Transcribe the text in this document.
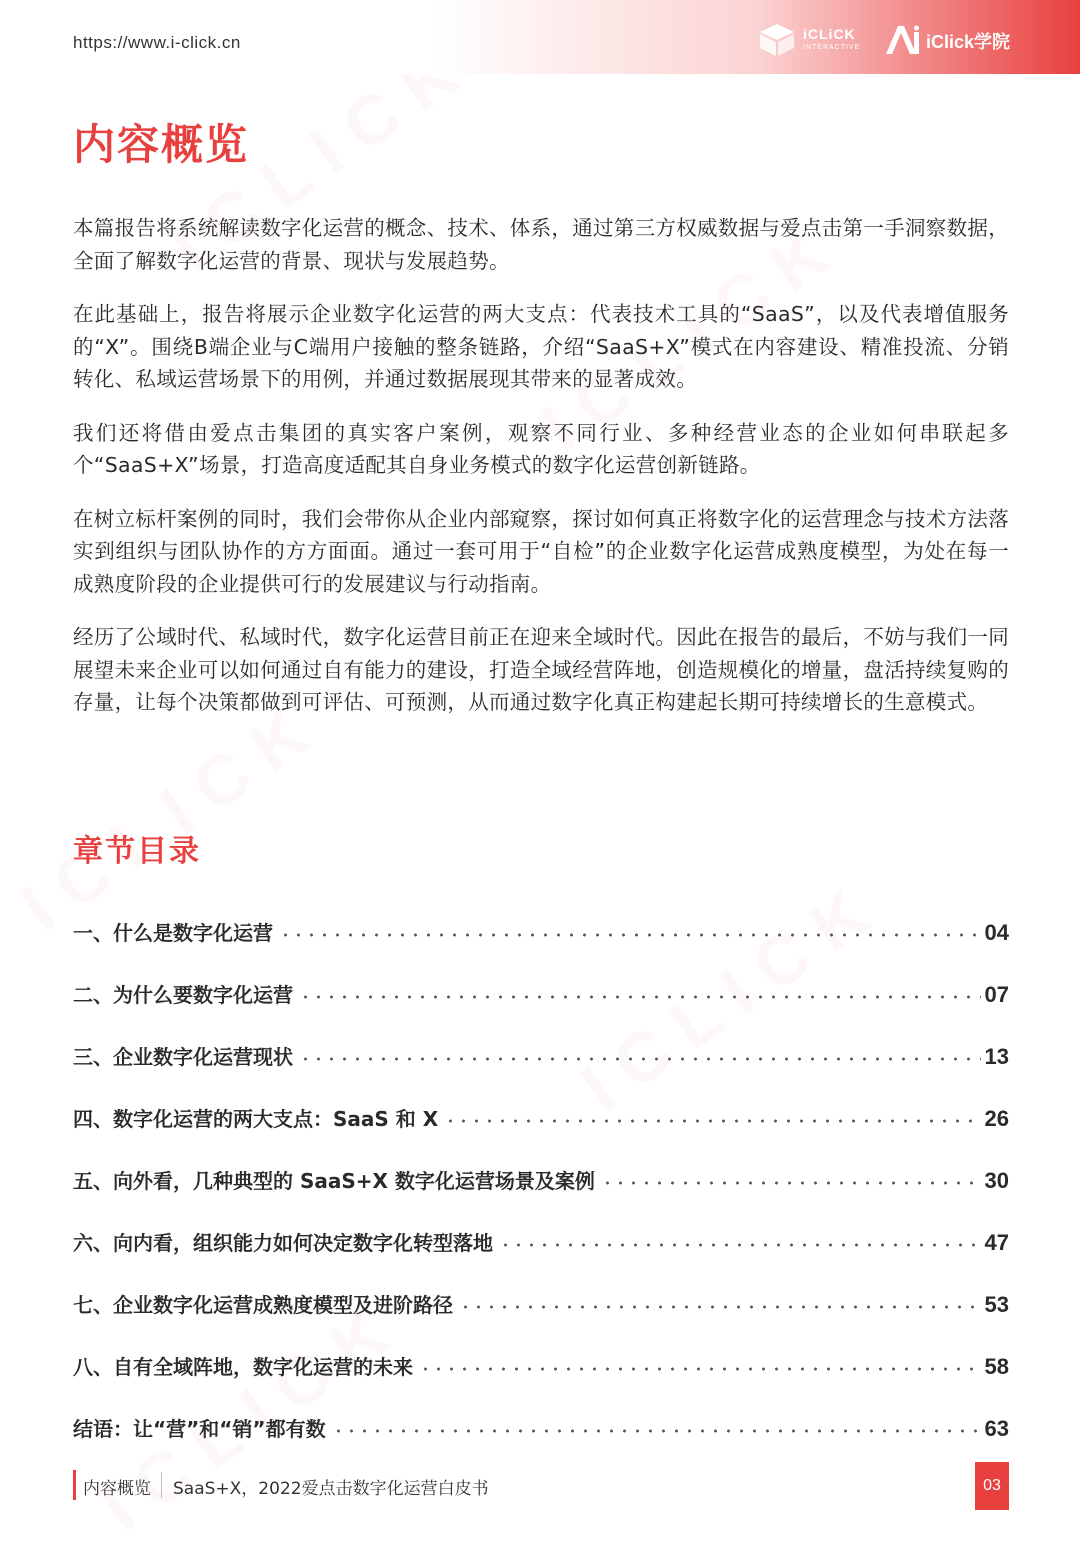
https://www.i-click.cn	iCLiCK
INTERACTIVE	iClick学院
内容概览

本篇报告将系统解读数字化运营的概念、技术、体系，通过第三方权威数据与爱点击第一手洞察数据，全面了解数字化运营的背景、现状与发展趋势。

在此基础上，报告将展示企业数字化运营的两大支点：代表技术工具的“SaaS”，以及代表增值服务的“X”。围绕B端企业与C端用户接触的整条链路，介绍“SaaS+X”模式在内容建设、精准投流、分销转化、私域运营场景下的用例，并通过数据展现其带来的显著成效。

我们还将借由爱点击集团的真实客户案例，观察不同行业、多种经营业态的企业如何串联起多个“SaaS+X”场景，打造高度适配其自身业务模式的数字化运营创新链路。

在树立标杆案例的同时，我们会带你从企业内部窥察，探讨如何真正将数字化的运营理念与技术方法落实到组织与团队协作的方方面面。通过一套可用于“自检”的企业数字化运营成熟度模型，为处在每一成熟度阶段的企业提供可行的发展建议与行动指南。

经历了公域时代、私域时代，数字化运营目前正在迎来全域时代。因此在报告的最后，不妨与我们一同展望未来企业可以如何通过自有能力的建设，打造全域经营阵地，创造规模化的增量，盘活持续复购的存量，让每个决策都做到可评估、可预测，从而通过数字化真正构建起长期可持续增长的生意模式。

章节目录
一、什么是数字化运营	04
二、为什么要数字化运营	07
三、企业数字化运营现状	13
四、数字化运营的两大支点：SaaS 和 X	26
五、向外看，几种典型的 SaaS+X 数字化运营场景及案例	30
六、向内看，组织能力如何决定数字化转型落地	47
七、企业数字化运营成熟度模型及进阶路径	53
八、自有全域阵地，数字化运营的未来	58
结语：让“营”和“销”都有数	63
内容概览 SaaS+X，2022爱点击数字化运营白皮书	03
